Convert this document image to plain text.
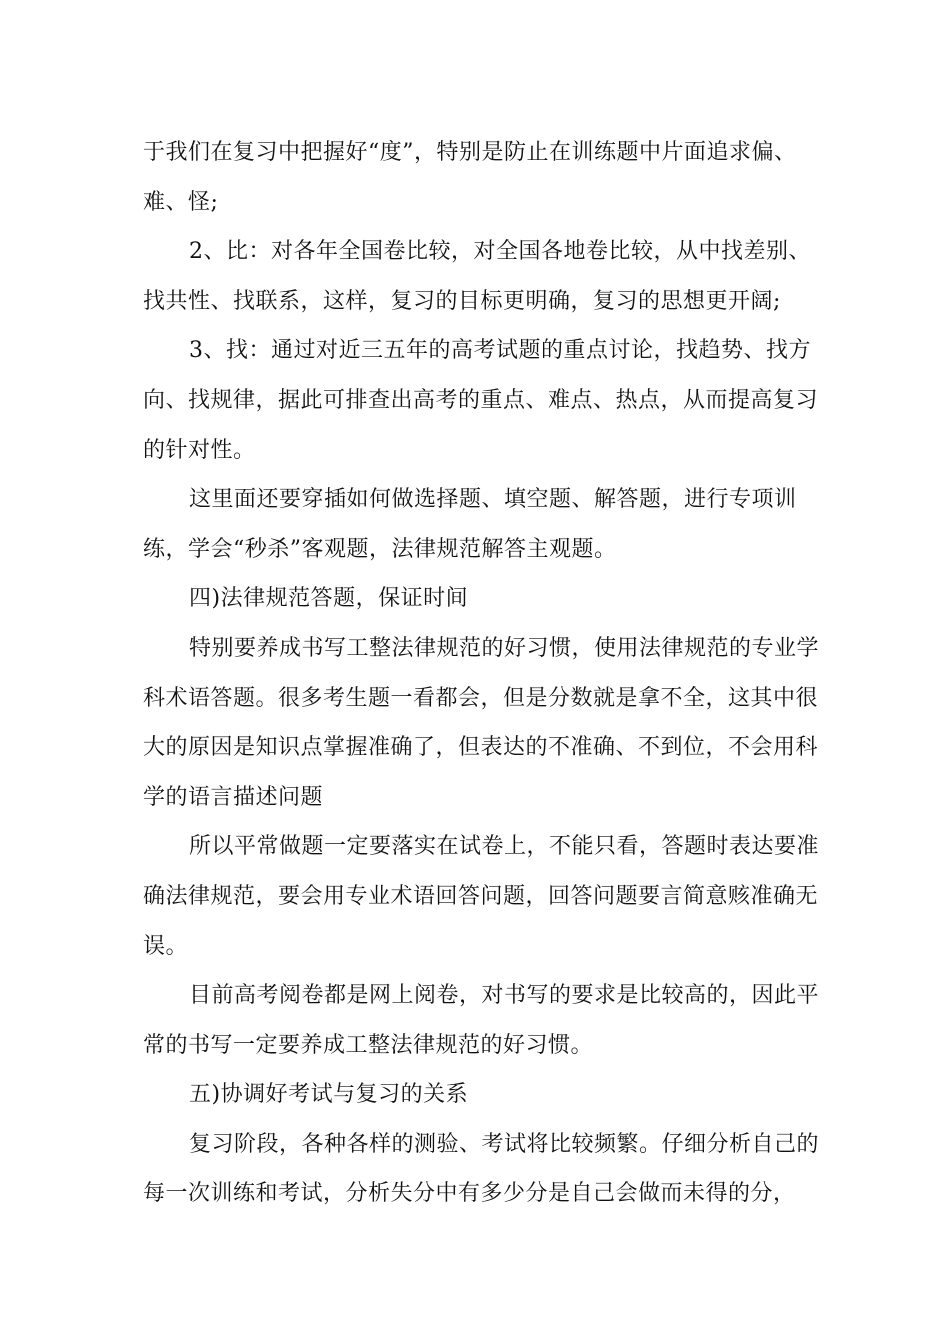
于我们在复习中把握好“度”，特别是防止在训练题中片面追求偏、难、怪;

2、比：对各年全国卷比较，对全国各地卷比较，从中找差别、找共性、找联系，这样，复习的目标更明确，复习的思想更开阔;

3、找：通过对近三五年的高考试题的重点讨论，找趋势、找方向、找规律，据此可排查出高考的重点、难点、热点，从而提高复习的针对性。

这里面还要穿插如何做选择题、填空题、解答题，进行专项训练，学会“秒杀”客观题，法律规范解答主观题。

四)法律规范答题，保证时间

特别要养成书写工整法律规范的好习惯，使用法律规范的专业学科术语答题。很多考生题一看都会，但是分数就是拿不全，这其中很大的原因是知识点掌握准确了，但表达的不准确、不到位，不会用科学的语言描述问题

所以平常做题一定要落实在试卷上，不能只看，答题时表达要准确法律规范，要会用专业术语回答问题，回答问题要言简意赅准确无误。

目前高考阅卷都是网上阅卷，对书写的要求是比较高的，因此平常的书写一定要养成工整法律规范的好习惯。

五)协调好考试与复习的关系

复习阶段，各种各样的测验、考试将比较频繁。仔细分析自己的每一次训练和考试，分析失分中有多少分是自己会做而未得的分，
